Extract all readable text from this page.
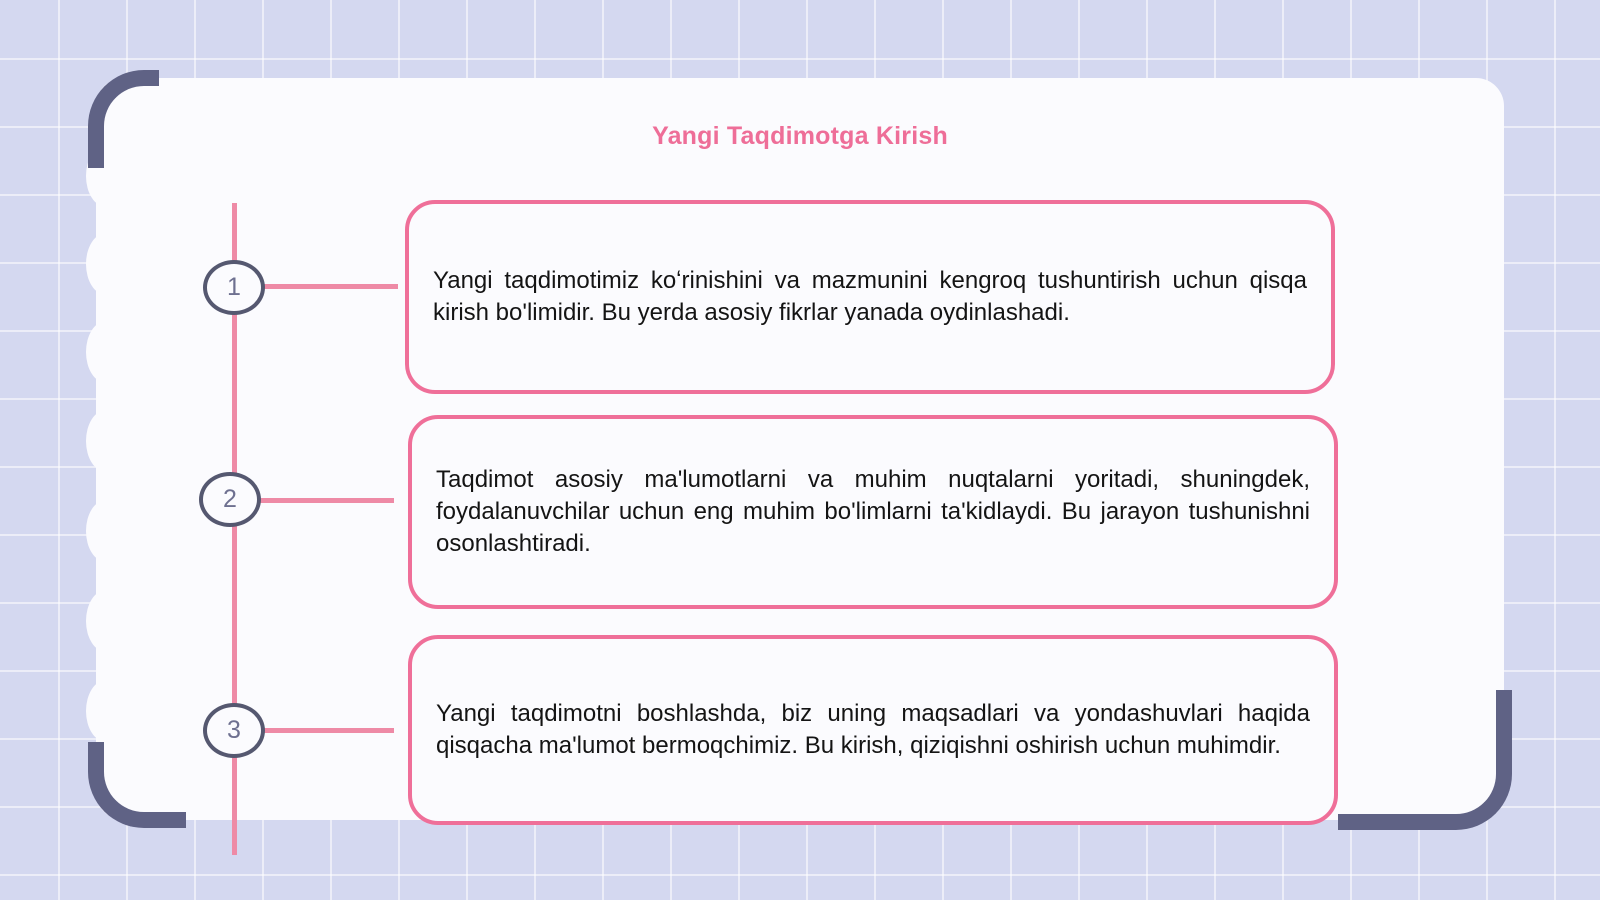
Yangi Taqdimotga Kirish
1	Yangi taqdimotimiz koʻrinishini va mazmunini kengroq tushuntirish uchun qisqa kirish bo'limidir. Bu yerda asosiy fikrlar yanada oydinlashadi.
2
Taqdimot asosiy ma'lumotlarni va muhim nuqtalarni yoritadi, shuningdek, foydalanuvchilar uchun eng muhim bo'limlarni ta'kidlaydi. Bu jarayon tushunishni osonlashtiradi.
3
Yangi taqdimotni boshlashda, biz uning maqsadlari va yondashuvlari haqida qisqacha ma'lumot bermoqchimiz. Bu kirish, qiziqishni oshirish uchun muhimdir.
